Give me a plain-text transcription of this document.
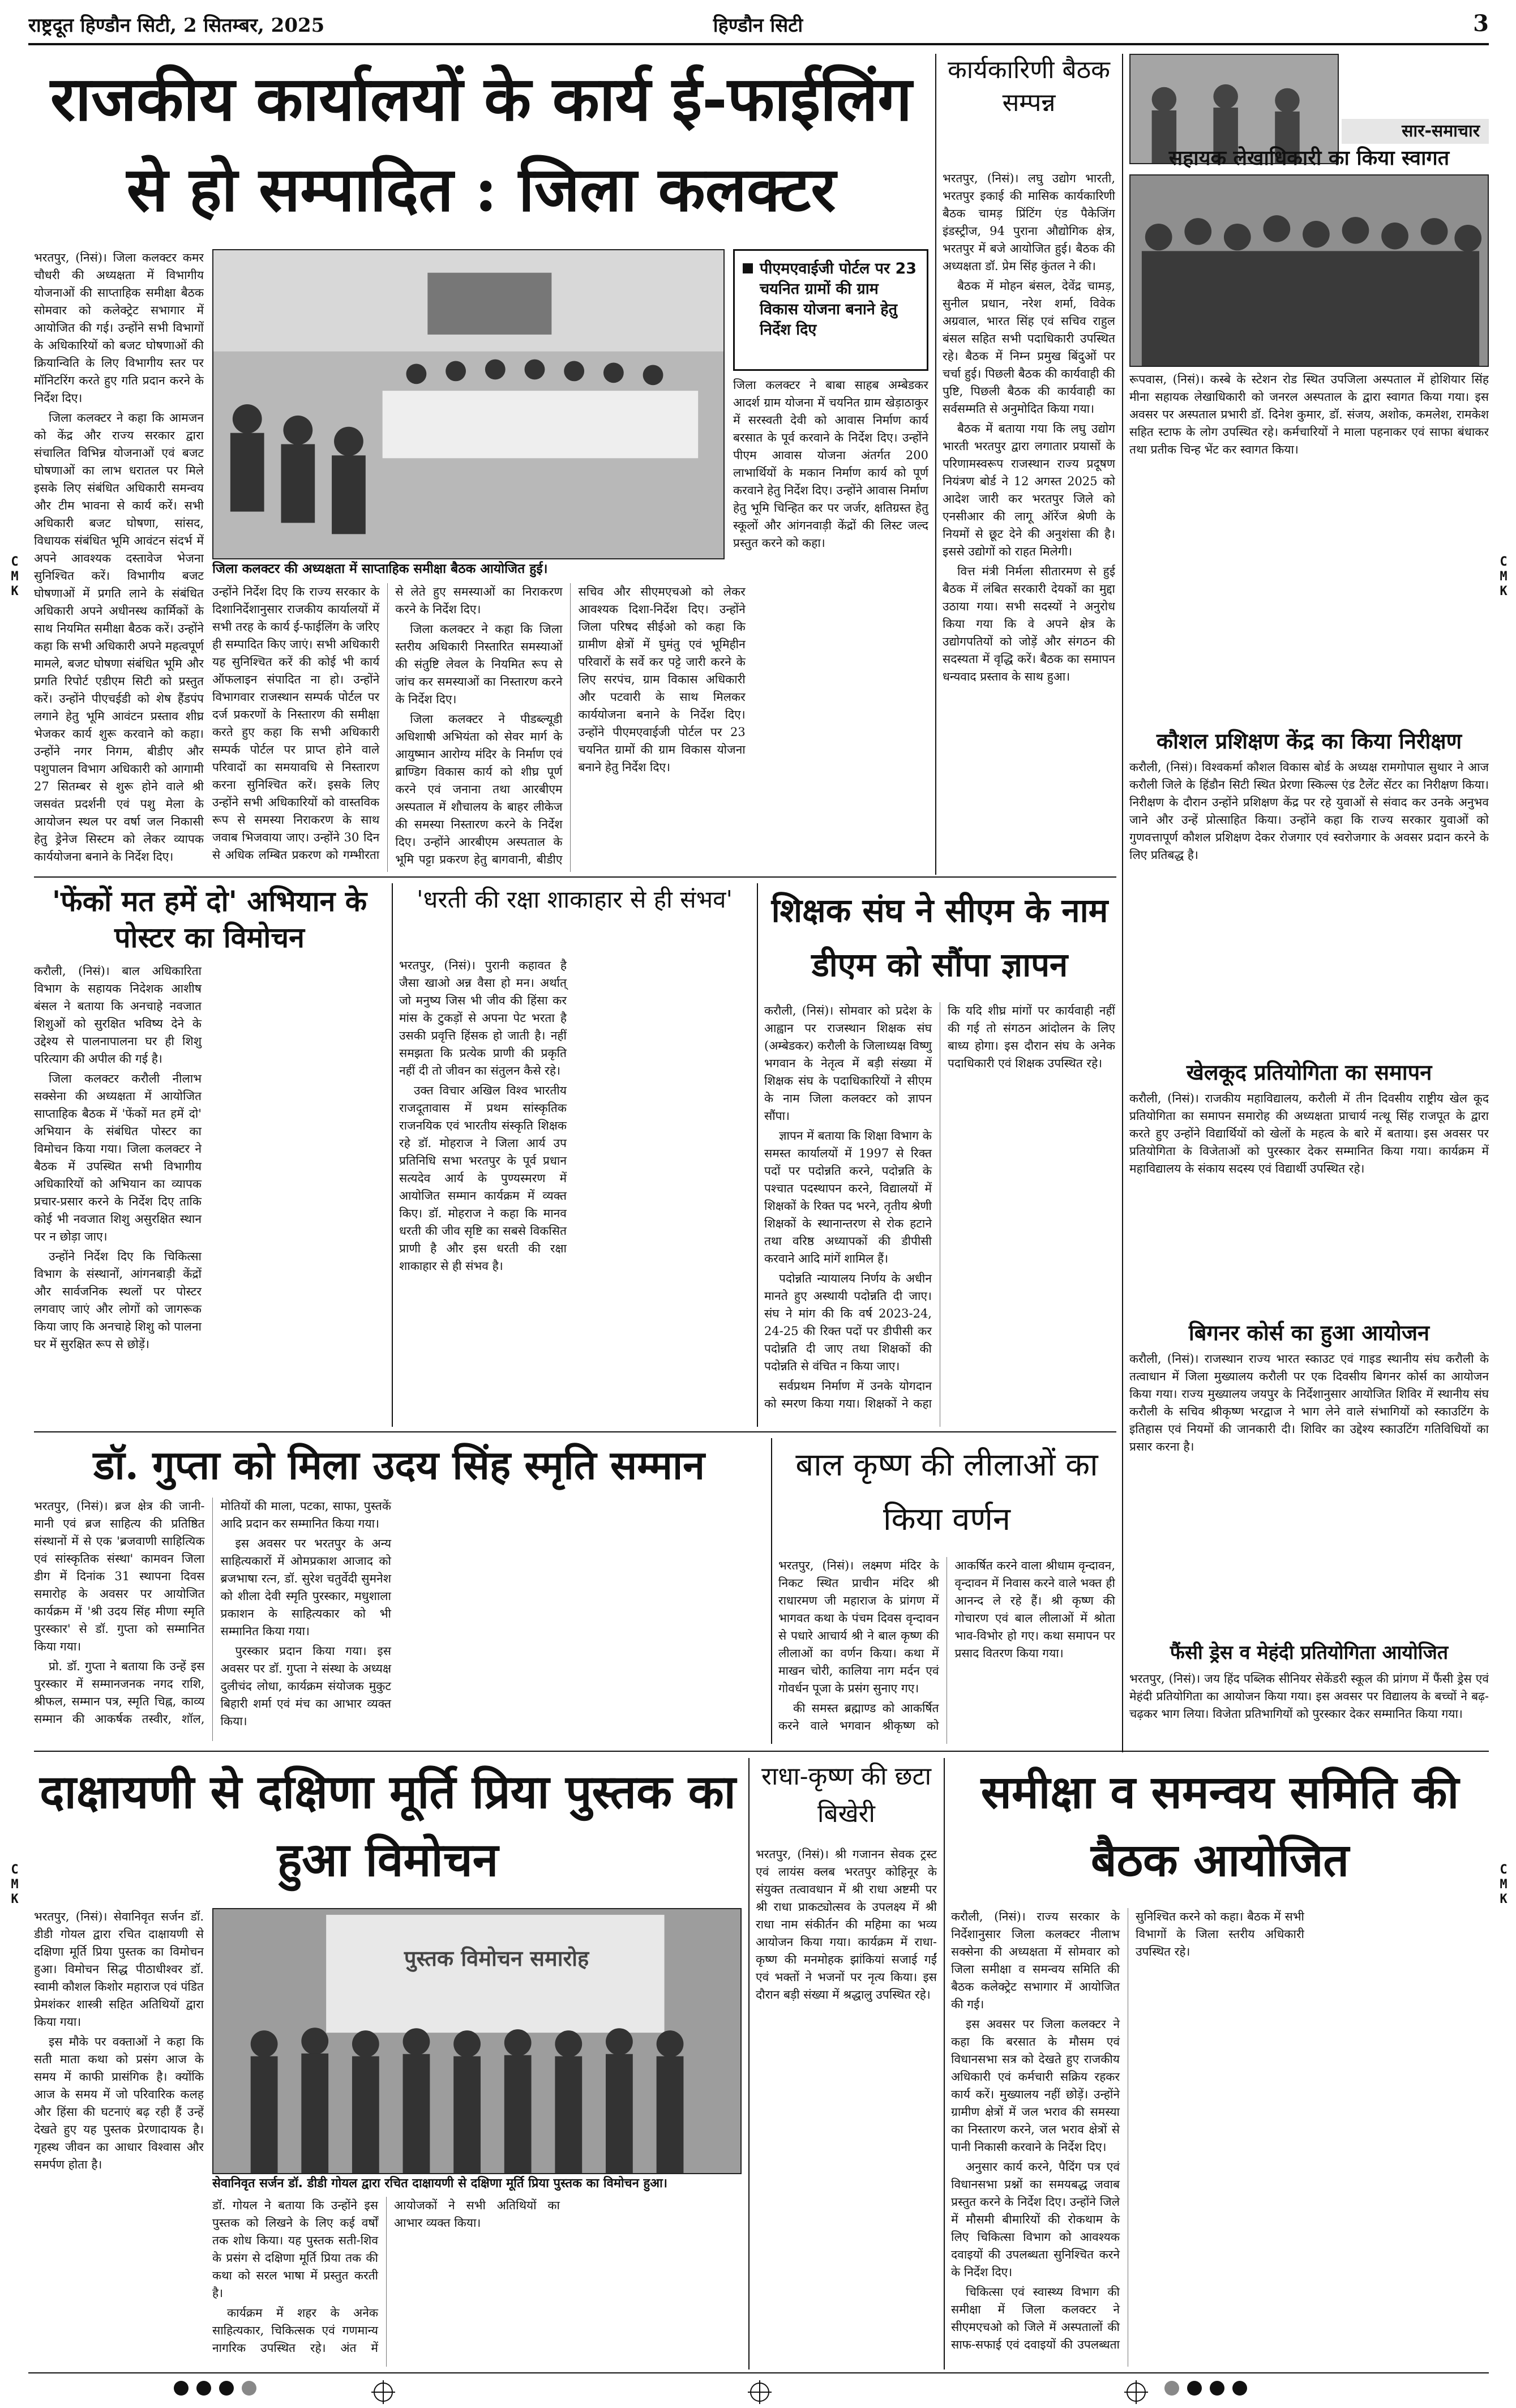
राष्ट्रदूत हिण्डौन सिटी, 2 सितम्बर, 2025	हिण्डौन सिटी	3
C
M
K
C
M
K
C
M
K
C
M
K
राजकीय कार्यालयों के कार्य ई-फाईलिंग से हो सम्पादित : जिला कलक्टर

भरतपुर, (निसं)। जिला कलक्टर कमर चौधरी की अध्यक्षता में विभागीय योजनाओं की साप्ताहिक समीक्षा बैठक सोमवार को कलेक्ट्रेट सभागार में आयोजित की गई। उन्होंने सभी विभागों के अधिकारियों को बजट घोषणाओं की क्रियान्विति के लिए विभागीय स्तर पर मॉनिटरिंग करते हुए गति प्रदान करने के निर्देश दिए।

जिला कलक्टर ने कहा कि आमजन को केंद्र और राज्य सरकार द्वारा संचालित विभिन्न योजनाओं एवं बजट घोषणाओं का लाभ धरातल पर मिले इसके लिए संबंधित अधिकारी समन्वय और टीम भावना से कार्य करें। सभी अधिकारी बजट घोषणा, सांसद, विधायक संबंधित भूमि आवंटन संदर्भ में अपने आवश्यक दस्तावेज भेजना सुनिश्चित करें। विभागीय बजट घोषणाओं में प्रगति लाने के संबंधित अधिकारी अपने अधीनस्थ कार्मिकों के साथ नियमित समीक्षा बैठक करें। उन्होंने कहा कि सभी अधिकारी अपने महत्वपूर्ण मामले, बजट घोषणा संबंधित भूमि और प्रगति रिपोर्ट एडीएम सिटी को प्रस्तुत करें। उन्होंने पीएचईडी को शेष हैंडपंप लगाने हेतु भूमि आवंटन प्रस्ताव शीघ्र भेजकर कार्य शुरू करवाने को कहा। उन्होंने नगर निगम, बीडीए और पशुपालन विभाग अधिकारी को आगामी 27 सितम्बर से शुरू होने वाले श्री जसवंत प्रदर्शनी एवं पशु मेला के आयोजन स्थल पर वर्षा जल निकासी हेतु ड्रेनेज सिस्टम को लेकर व्यापक कार्ययोजना बनाने के निर्देश दिए।

जिला कलक्टर की अध्यक्षता में साप्ताहिक समीक्षा बैठक आयोजित हुई।
पीएमएवाईजी पोर्टल पर 23 चयनित ग्रामों की ग्राम विकास योजना बनाने हेतु निर्देश दिए

जिला कलक्टर ने बाबा साहब अम्बेडकर आदर्श ग्राम योजना में चयनित ग्राम खेड़ाठाकुर में सरस्वती देवी को आवास निर्माण कार्य बरसात के पूर्व करवाने के निर्देश दिए। उन्होंने पीएम आवास योजना अंतर्गत 200 लाभार्थियों के मकान निर्माण कार्य को पूर्ण करवाने हेतु निर्देश दिए। उन्होंने आवास निर्माण हेतु भूमि चिन्हित कर पर जर्जर, क्षतिग्रस्त हेतु स्कूलों और आंगनवाड़ी केंद्रों की लिस्ट जल्द प्रस्तुत करने को कहा।

उन्होंने निर्देश दिए कि राज्य सरकार के दिशानिर्देशानुसार राजकीय कार्यालयों में सभी तरह के कार्य ई-फाईलिंग के जरिए ही सम्पादित किए जाएं। सभी अधिकारी यह सुनिश्चित करें की कोई भी कार्य ऑफलाइन संपादित ना हो। उन्होंने विभागवार राजस्थान सम्पर्क पोर्टल पर दर्ज प्रकरणों के निस्तारण की समीक्षा करते हुए कहा कि सभी अधिकारी सम्पर्क पोर्टल पर प्राप्त होने वाले परिवादों का समयावधि से निस्तारण करना सुनिश्चित करें। इसके लिए उन्होंने सभी अधिकारियों को वास्तविक रूप से समस्या निराकरण के साथ जवाब भिजवाया जाए। उन्होंने 30 दिन से अधिक लम्बित प्रकरण को गम्भीरता से लेते हुए समस्याओं का निराकरण करने के निर्देश दिए।

जिला कलक्टर ने कहा कि जिला स्तरीय अधिकारी निस्तारित समस्याओं की संतुष्टि लेवल के नियमित रूप से जांच कर समस्याओं का निस्तारण करने के निर्देश दिए।

जिला कलक्टर ने पीडब्ल्यूडी अधिशाषी अभियंता को सेवर मार्ग के आयुष्मान आरोग्य मंदिर के निर्माण एवं ब्राण्डिग विकास कार्य को शीघ्र पूर्ण करने एवं जनाना तथा आरबीएम अस्पताल में शौचालय के बाहर लीकेज की समस्या निस्तारण करने के निर्देश दिए। उन्होंने आरबीएम अस्पताल के भूमि पट्टा प्रकरण हेतु बागवानी, बीडीए सचिव और सीएमएचओ को लेकर आवश्यक दिशा-निर्देश दिए। उन्होंने जिला परिषद सीईओ को कहा कि ग्रामीण क्षेत्रों में घुमंतु एवं भूमिहीन परिवारों के सर्वे कर पट्टे जारी करने के लिए सरपंच, ग्राम विकास अधिकारी और पटवारी के साथ मिलकर कार्ययोजना बनाने के निर्देश दिए। उन्होंने पीएमएवाईजी पोर्टल पर 23 चयनित ग्रामों की ग्राम विकास योजना बनाने हेतु निर्देश दिए।

कार्यकारिणी बैठक सम्पन्न

भरतपुर, (निसं)। लघु उद्योग भारती, भरतपुर इकाई की मासिक कार्यकारिणी बैठक चामड़ प्रिंटिंग एंड पैकेजिंग इंडस्ट्रीज, 94 पुराना औद्योगिक क्षेत्र, भरतपुर में बजे आयोजित हुई। बैठक की अध्यक्षता डॉ. प्रेम सिंह कुंतल ने की।

बैठक में मोहन बंसल, देवेंद्र चामड़, सुनील प्रधान, नरेश शर्मा, विवेक अग्रवाल, भारत सिंह एवं सचिव राहुल बंसल सहित सभी पदाधिकारी उपस्थित रहे। बैठक में निम्न प्रमुख बिंदुओं पर चर्चा हुई। पिछली बैठक की कार्यवाही की पुष्टि, पिछली बैठक की कार्यवाही का सर्वसम्मति से अनुमोदित किया गया।

बैठक में बताया गया कि लघु उद्योग भारती भरतपुर द्वारा लगातार प्रयासों के परिणामस्वरूप राजस्थान राज्य प्रदूषण नियंत्रण बोर्ड ने 12 अगस्त 2025 को आदेश जारी कर भरतपुर जिले को एनसीआर की लागू ऑरेंज श्रेणी के नियमों से छूट देने की अनुशंसा की है। इससे उद्योगों को राहत मिलेगी।

वित्त मंत्री निर्मला सीतारमण से हुई बैठक में लंबित सरकारी देयकों का मुद्दा उठाया गया। सभी सदस्यों ने अनुरोध किया गया कि वे अपने क्षेत्र के उद्योगपतियों को जोड़ें और संगठन की सदस्यता में वृद्धि करें। बैठक का समापन धन्यवाद प्रस्ताव के साथ हुआ।

सार-समाचार
सहायक लेखाधिकारी का किया स्वागत

रूपवास, (निसं)। कस्बे के स्टेशन रोड स्थित उपजिला अस्पताल में होशियार सिंह मीना सहायक लेखाधिकारी को जनरल अस्पताल के द्वारा स्वागत किया गया। इस अवसर पर अस्पताल प्रभारी डॉ. दिनेश कुमार, डॉ. संजय, अशोक, कमलेश, रामकेश सहित स्टाफ के लोग उपस्थित रहे। कर्मचारियों ने माला पहनाकर एवं साफा बंधाकर तथा प्रतीक चिन्ह भेंट कर स्वागत किया।

कौशल प्रशिक्षण केंद्र का किया निरीक्षण

करौली, (निसं)। विश्वकर्मा कौशल विकास बोर्ड के अध्यक्ष रामगोपाल सुथार ने आज करौली जिले के हिंडौन सिटी स्थित प्रेरणा स्किल्स एंड टैलेंट सेंटर का निरीक्षण किया। निरीक्षण के दौरान उन्होंने प्रशिक्षण केंद्र पर रहे युवाओं से संवाद कर उनके अनुभव जाने और उन्हें प्रोत्साहित किया। उन्होंने कहा कि राज्य सरकार युवाओं को गुणवत्तापूर्ण कौशल प्रशिक्षण देकर रोजगार एवं स्वरोजगार के अवसर प्रदान करने के लिए प्रतिबद्ध है।

खेलकूद प्रतियोगिता का समापन

करौली, (निसं)। राजकीय महाविद्यालय, करौली में तीन दिवसीय राष्ट्रीय खेल कूद प्रतियोगिता का समापन समारोह की अध्यक्षता प्राचार्य नत्थू सिंह राजपूत के द्वारा करते हुए उन्होंने विद्यार्थियों को खेलों के महत्व के बारे में बताया। इस अवसर पर प्रतियोगिता के विजेताओं को पुरस्कार देकर सम्मानित किया गया। कार्यक्रम में महाविद्यालय के संकाय सदस्य एवं विद्यार्थी उपस्थित रहे।

बिगनर कोर्स का हुआ आयोजन

करौली, (निसं)। राजस्थान राज्य भारत स्काउट एवं गाइड स्थानीय संघ करौली के तत्वाधान में जिला मुख्यालय करौली पर एक दिवसीय बिगनर कोर्स का आयोजन किया गया। राज्य मुख्यालय जयपुर के निर्देशानुसार आयोजित शिविर में स्थानीय संघ करौली के सचिव श्रीकृष्ण भरद्वाज ने भाग लेने वाले संभागियों को स्काउटिंग के इतिहास एवं नियमों की जानकारी दी। शिविर का उद्देश्य स्काउटिंग गतिविधियों का प्रसार करना है।

फैंसी ड्रेस व मेहंदी प्रतियोगिता आयोजित

भरतपुर, (निसं)। जय हिंद पब्लिक सीनियर सेकेंडरी स्कूल की प्रांगण में फैंसी ड्रेस एवं मेहंदी प्रतियोगिता का आयोजन किया गया। इस अवसर पर विद्यालय के बच्चों ने बढ़-चढ़कर भाग लिया। विजेता प्रतिभागियों को पुरस्कार देकर सम्मानित किया गया।

'फेंकों मत हमें दो' अभियान के पोस्टर का विमोचन

करौली, (निसं)। बाल अधिकारिता विभाग के सहायक निदेशक आशीष बंसल ने बताया कि अनचाहे नवजात शिशुओं को सुरक्षित भविष्य देने के उद्देश्य से पालनापालना घर ही शिशु परित्याग की अपील की गई है।

जिला कलक्टर करौली नीलाभ सक्सेना की अध्यक्षता में आयोजित साप्ताहिक बैठक में 'फेंकों मत हमें दो' अभियान के संबंधित पोस्टर का विमोचन किया गया। जिला कलक्टर ने बैठक में उपस्थित सभी विभागीय अधिकारियों को अभियान का व्यापक प्रचार-प्रसार करने के निर्देश दिए ताकि कोई भी नवजात शिशु असुरक्षित स्थान पर न छोड़ा जाए।

उन्होंने निर्देश दिए कि चिकित्सा विभाग के संस्थानों, आंगनबाड़ी केंद्रों और सार्वजनिक स्थलों पर पोस्टर लगवाए जाएं और लोगों को जागरूक किया जाए कि अनचाहे शिशु को पालना घर में सुरक्षित रूप से छोड़ें।

'धरती की रक्षा शाकाहार से ही संभव'

भरतपुर, (निसं)। पुरानी कहावत है जैसा खाओ अन्न वैसा हो मन। अर्थात् जो मनुष्य जिस भी जीव की हिंसा कर मांस के टुकड़ों से अपना पेट भरता है उसकी प्रवृत्ति हिंसक हो जाती है। नहीं समझता कि प्रत्येक प्राणी की प्रकृति नहीं दी तो जीवन का संतुलन कैसे रहे।

उक्त विचार अखिल विश्व भारतीय राजदूतावास में प्रथम सांस्कृतिक राजनयिक एवं भारतीय संस्कृति शिक्षक रहे डॉ. मोहराज ने जिला आर्य उप प्रतिनिधि सभा भरतपुर के पूर्व प्रधान सत्यदेव आर्य के पुण्यस्मरण में आयोजित सम्मान कार्यक्रम में व्यक्त किए। डॉ. मोहराज ने कहा कि मानव धरती की जीव सृष्टि का सबसे विकसित प्राणी है और इस धरती की रक्षा शाकाहार से ही संभव है।

शिक्षक संघ ने सीएम के नाम डीएम को सौंपा ज्ञापन

करौली, (निसं)। सोमवार को प्रदेश के आह्वान पर राजस्थान शिक्षक संघ (अम्बेडकर) करौली के जिलाध्यक्ष विष्णु भगवान के नेतृत्व में बड़ी संख्या में शिक्षक संघ के पदाधिकारियों ने सीएम के नाम जिला कलक्टर को ज्ञापन सौंपा।

ज्ञापन में बताया कि शिक्षा विभाग के समस्त कार्यालयों में 1997 से रिक्त पदों पर पदोन्नति करने, पदोन्नति के पश्चात पदस्थापन करने, विद्यालयों में शिक्षकों के रिक्त पद भरने, तृतीय श्रेणी शिक्षकों के स्थानान्तरण से रोक हटाने तथा वरिष्ठ अध्यापकों की डीपीसी करवाने आदि मांगें शामिल हैं।

पदोन्नति न्यायालय निर्णय के अधीन मानते हुए अस्थायी पदोन्नति दी जाए। संघ ने मांग की कि वर्ष 2023-24, 24-25 की रिक्त पदों पर डीपीसी कर पदोन्नति दी जाए तथा शिक्षकों की पदोन्नति से वंचित न किया जाए।

सर्वप्रथम निर्माण में उनके योगदान को स्मरण किया गया। शिक्षकों ने कहा कि यदि शीघ्र मांगों पर कार्यवाही नहीं की गई तो संगठन आंदोलन के लिए बाध्य होगा। इस दौरान संघ के अनेक पदाधिकारी एवं शिक्षक उपस्थित रहे।

डॉ. गुप्ता को मिला उदय सिंह स्मृति सम्मान

भरतपुर, (निसं)। ब्रज क्षेत्र की जानी-मानी एवं ब्रज साहित्य की प्रतिष्ठित संस्थानों में से एक 'ब्रजवाणी साहित्यिक एवं सांस्कृतिक संस्था' कामवन जिला डीग में दिनांक 31 स्थापना दिवस समारोह के अवसर पर आयोजित कार्यक्रम में 'श्री उदय सिंह मीणा स्मृति पुरस्कार' से डॉ. गुप्ता को सम्मानित किया गया।

प्रो. डॉ. गुप्ता ने बताया कि उन्हें इस पुरस्कार में सम्मानजनक नगद राशि, श्रीफल, सम्मान पत्र, स्मृति चिह्न, काव्य सम्मान की आकर्षक तस्वीर, शॉल, मोतियों की माला, पटका, साफा, पुस्तकें आदि प्रदान कर सम्मानित किया गया।

इस अवसर पर भरतपुर के अन्य साहित्यकारों में ओमप्रकाश आजाद को ब्रजभाषा रत्न, डॉ. सुरेश चतुर्वेदी सुमनेश को शीला देवी स्मृति पुरस्कार, मधुशाला प्रकाशन के साहित्यकार को भी सम्मानित किया गया।

पुरस्कार प्रदान किया गया। इस अवसर पर डॉ. गुप्ता ने संस्था के अध्यक्ष दुलीचंद लोधा, कार्यक्रम संयोजक मुकुट बिहारी शर्मा एवं मंच का आभार व्यक्त किया।

बाल कृष्ण की लीलाओं का किया वर्णन

भरतपुर, (निसं)। लक्ष्मण मंदिर के निकट स्थित प्राचीन मंदिर श्री राधारमण जी महाराज के प्रांगण में भागवत कथा के पंचम दिवस वृन्दावन से पधारे आचार्य श्री ने बाल कृष्ण की लीलाओं का वर्णन किया। कथा में माखन चोरी, कालिया नाग मर्दन एवं गोवर्धन पूजा के प्रसंग सुनाए गए।

की समस्त ब्रह्माण्ड को आकर्षित करने वाले भगवान श्रीकृष्ण को आकर्षित करने वाला श्रीधाम वृन्दावन, वृन्दावन में निवास करने वाले भक्त ही आनन्द ले रहे हैं। श्री कृष्ण की गोचारण एवं बाल लीलाओं में श्रोता भाव-विभोर हो गए। कथा समापन पर प्रसाद वितरण किया गया।

दाक्षायणी से दक्षिणा मूर्ति प्रिया पुस्तक का हुआ विमोचन

भरतपुर, (निसं)। सेवानिवृत सर्जन डॉ. डीडी गोयल द्वारा रचित दाक्षायणी से दक्षिणा मूर्ति प्रिया पुस्तक का विमोचन हुआ। विमोचन सिद्ध पीठाधीश्वर डॉ. स्वामी कौशल किशोर महाराज एवं पंडित प्रेमशंकर शास्त्री सहित अतिथियों द्वारा किया गया।

इस मौके पर वक्ताओं ने कहा कि सती माता कथा को प्रसंग आज के समय में काफी प्रासंगिक है। क्योंकि आज के समय में जो परिवारिक कलह और हिंसा की घटनाएं बढ़ रही हैं उन्हें देखते हुए यह पुस्तक प्रेरणादायक है। गृहस्थ जीवन का आधार विश्वास और समर्पण होता है।

पुस्तक विमोचन समारोह
सेवानिवृत सर्जन डॉ. डीडी गोयल द्वारा रचित दाक्षायणी से दक्षिणा मूर्ति प्रिया पुस्तक का विमोचन हुआ।

डॉ. गोयल ने बताया कि उन्होंने इस पुस्तक को लिखने के लिए कई वर्षों तक शोध किया। यह पुस्तक सती-शिव के प्रसंग से दक्षिणा मूर्ति प्रिया तक की कथा को सरल भाषा में प्रस्तुत करती है।

कार्यक्रम में शहर के अनेक साहित्यकार, चिकित्सक एवं गणमान्य नागरिक उपस्थित रहे। अंत में आयोजकों ने सभी अतिथियों का आभार व्यक्त किया।

राधा-कृष्ण की छटा बिखेरी

भरतपुर, (निसं)। श्री गजानन सेवक ट्रस्ट एवं लायंस क्लब भरतपुर कोहिनूर के संयुक्त तत्वावधान में श्री राधा अष्टमी पर श्री राधा प्राकट्योत्सव के उपलक्ष्य में श्री राधा नाम संकीर्तन की महिमा का भव्य आयोजन किया गया। कार्यक्रम में राधा-कृष्ण की मनमोहक झांकियां सजाई गईं एवं भक्तों ने भजनों पर नृत्य किया। इस दौरान बड़ी संख्या में श्रद्धालु उपस्थित रहे।

समीक्षा व समन्वय समिति की बैठक आयोजित

करौली, (निसं)। राज्य सरकार के निर्देशानुसार जिला कलक्टर नीलाभ सक्सेना की अध्यक्षता में सोमवार को जिला समीक्षा व समन्वय समिति की बैठक कलेक्ट्रेट सभागार में आयोजित की गई।

इस अवसर पर जिला कलक्टर ने कहा कि बरसात के मौसम एवं विधानसभा सत्र को देखते हुए राजकीय अधिकारी एवं कर्मचारी सक्रिय रहकर कार्य करें। मुख्यालय नहीं छोड़ें। उन्होंने ग्रामीण क्षेत्रों में जल भराव की समस्या का निस्तारण करने, जल भराव क्षेत्रों से पानी निकासी करवाने के निर्देश दिए।

अनुसार कार्य करने, पैदिंग पत्र एवं विधानसभा प्रश्नों का समयबद्ध जवाब प्रस्तुत करने के निर्देश दिए। उन्होंने जिले में मौसमी बीमारियों की रोकथाम के लिए चिकित्सा विभाग को आवश्यक दवाइयों की उपलब्धता सुनिश्चित करने के निर्देश दिए।

चिकित्सा एवं स्वास्थ्य विभाग की समीक्षा में जिला कलक्टर ने सीएमएचओ को जिले में अस्पतालों की साफ-सफाई एवं दवाइयों की उपलब्धता सुनिश्चित करने को कहा। बैठक में सभी विभागों के जिला स्तरीय अधिकारी उपस्थित रहे।
